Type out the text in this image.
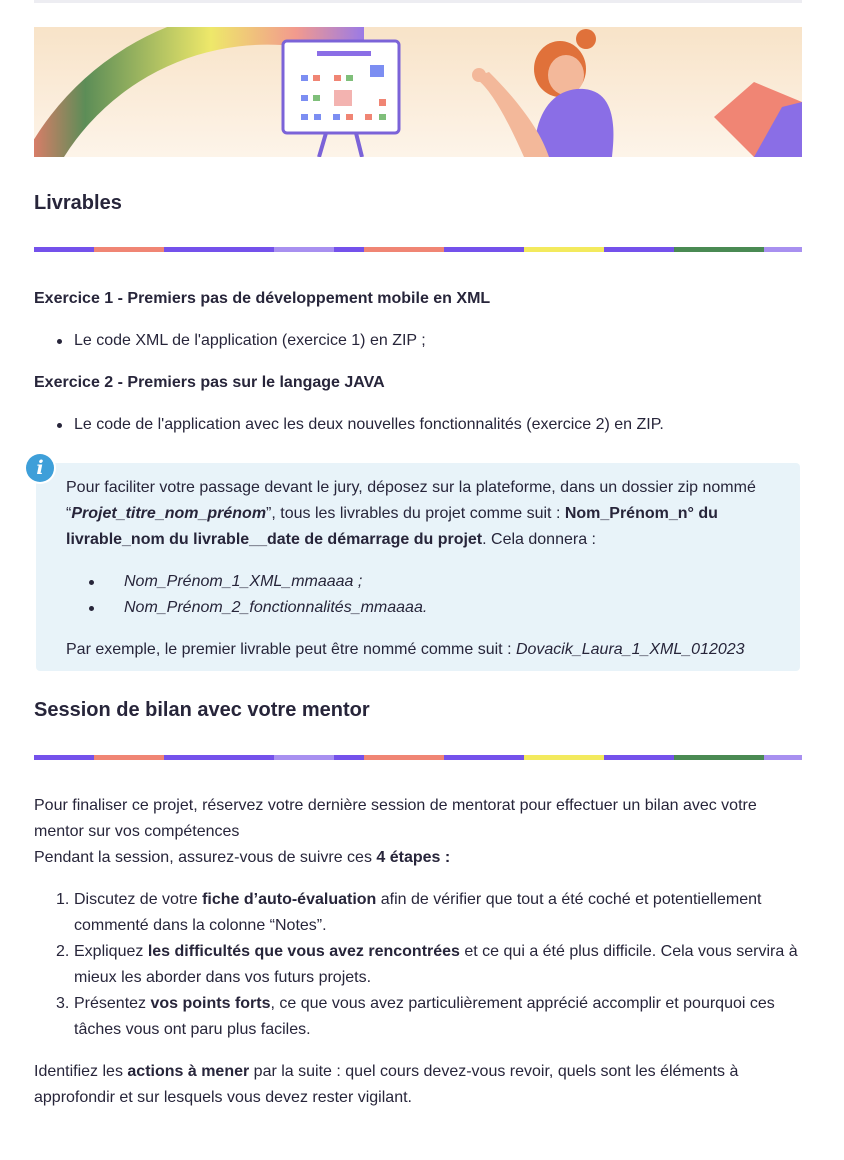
Livrables

Exercice 1 - Premiers pas de développement mobile en XML

Le code XML de l'application (exercice 1) en ZIP ;

Exercice 2 - Premiers pas sur le langage JAVA

Le code de l'application avec les deux nouvelles fonctionnalités (exercice 2) en ZIP.

Pour faciliter votre passage devant le jury, déposez sur la plateforme, dans un dossier zip nommé “Projet_titre_nom_prénom”, tous les livrables du projet comme suit : Nom_Prénom_n° du livrable_nom du livrable__date de démarrage du projet. Cela donnera :

Nom_Prénom_1_XML_mmaaaa ;
Nom_Prénom_2_fonctionnalités_mmaaaa.

Par exemple, le premier livrable peut être nommé comme suit : Dovacik_Laura_1_XML_012023

i
Session de bilan avec votre mentor

Pour finaliser ce projet, réservez votre dernière session de mentorat pour effectuer un bilan avec votre mentor sur vos compétences
Pendant la session, assurez-vous de suivre ces 4 étapes :

1. Discutez de votre fiche d’auto-évaluation afin de vérifier que tout a été coché et potentiellement commenté dans la colonne “Notes”.
2. Expliquez les difficultés que vous avez rencontrées et ce qui a été plus difficile. Cela vous servira à mieux les aborder dans vos futurs projets.
3. Présentez vos points forts, ce que vous avez particulièrement apprécié accomplir et pourquoi ces tâches vous ont paru plus faciles.

Identifiez les actions à mener par la suite : quel cours devez-vous revoir, quels sont les éléments à approfondir et sur lesquels vous devez rester vigilant.
